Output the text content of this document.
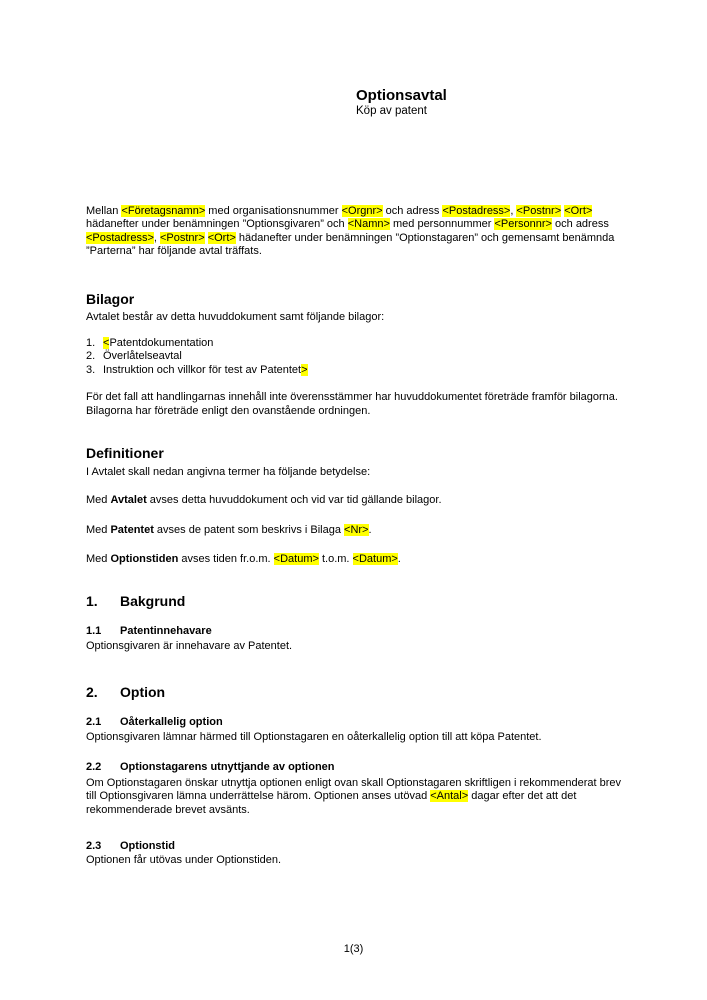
Optionsavtal
Köp av patent

Mellan <Företagsnamn> med organisationsnummer <Orgnr> och adress <Postadress>, <Postnr> <Ort> hädanefter under benämningen ”Optionsgivaren” och <Namn> med personnummer <Personnr> och adress <Postadress>, <Postnr> <Ort> hädanefter under benämningen ”Optionstagaren” och gemensamt benämnda ”Parterna” har följande avtal träffats.

Bilagor

Avtalet består av detta huvuddokument samt följande bilagor:

1. <Patentdokumentation
2. Överlåtelseavtal
3. Instruktion och villkor för test av Patentet>

För det fall att handlingarnas innehåll inte överensstämmer har huvuddokumentet företräde framför bilagorna. Bilagorna har företräde enligt den ovanstående ordningen.

Definitioner

I Avtalet skall nedan angivna termer ha följande betydelse:

Med Avtalet avses detta huvuddokument och vid var tid gällande bilagor.

Med Patentet avses de patent som beskrivs i Bilaga <Nr>.

Med Optionstiden avses tiden fr.o.m. <Datum> t.o.m. <Datum>.

1.	Bakgrund
1.1	Patentinnehavare

Optionsgivaren är innehavare av Patentet.

2.	Option
2.1	Oåterkallelig option

Optionsgivaren lämnar härmed till Optionstagaren en oåterkallelig option till att köpa Patentet.

2.2	Optionstagarens utnyttjande av optionen

Om Optionstagaren önskar utnyttja optionen enligt ovan skall Optionstagaren skriftligen i rekommenderat brev till Optionsgivaren lämna underrättelse härom. Optionen anses utövad <Antal> dagar efter det att det rekommenderade brevet avsänts.

2.3	Optionstid

Optionen får utövas under Optionstiden.

1(3)
